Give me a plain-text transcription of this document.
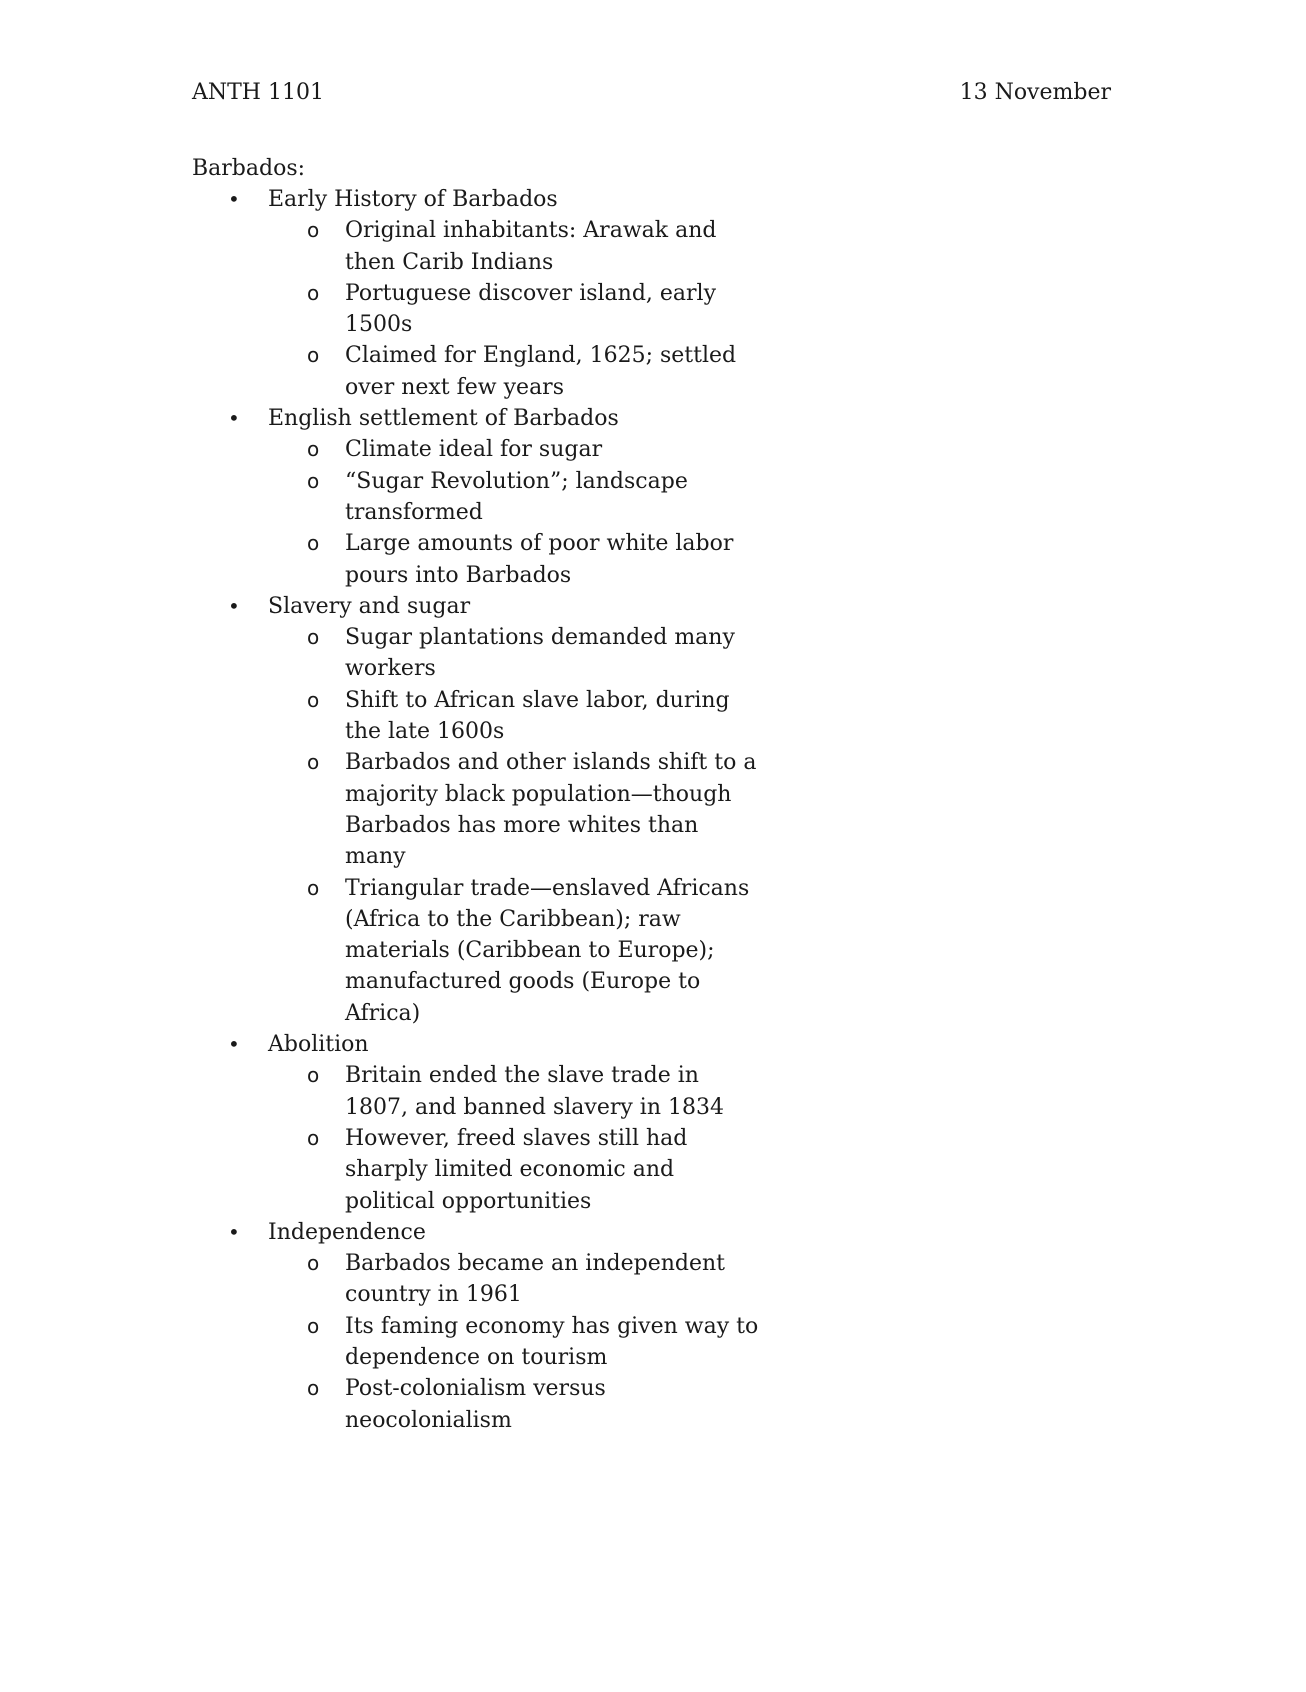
ANTH 1101	13 November
Barbados:
• Early History of Barbados
o Original inhabitants: Arawak and then Carib Indians
o Portuguese discover island, early 1500s
o Claimed for England, 1625; settled over next few years
• English settlement of Barbados
o Climate ideal for sugar
o “Sugar Revolution”; landscape transformed
o Large amounts of poor white labor pours into Barbados
• Slavery and sugar
o Sugar plantations demanded many workers
o Shift to African slave labor, during the late 1600s
o Barbados and other islands shift to a majority black population—though Barbados has more whites than many
o Triangular trade—enslaved Africans (Africa to the Caribbean); raw materials (Caribbean to Europe); manufactured goods (Europe to Africa)
• Abolition
o Britain ended the slave trade in 1807, and banned slavery in 1834
o However, freed slaves still had sharply limited economic and political opportunities
• Independence
o Barbados became an independent country in 1961
o Its faming economy has given way to dependence on tourism
o Post-colonialism versus neocolonialism
